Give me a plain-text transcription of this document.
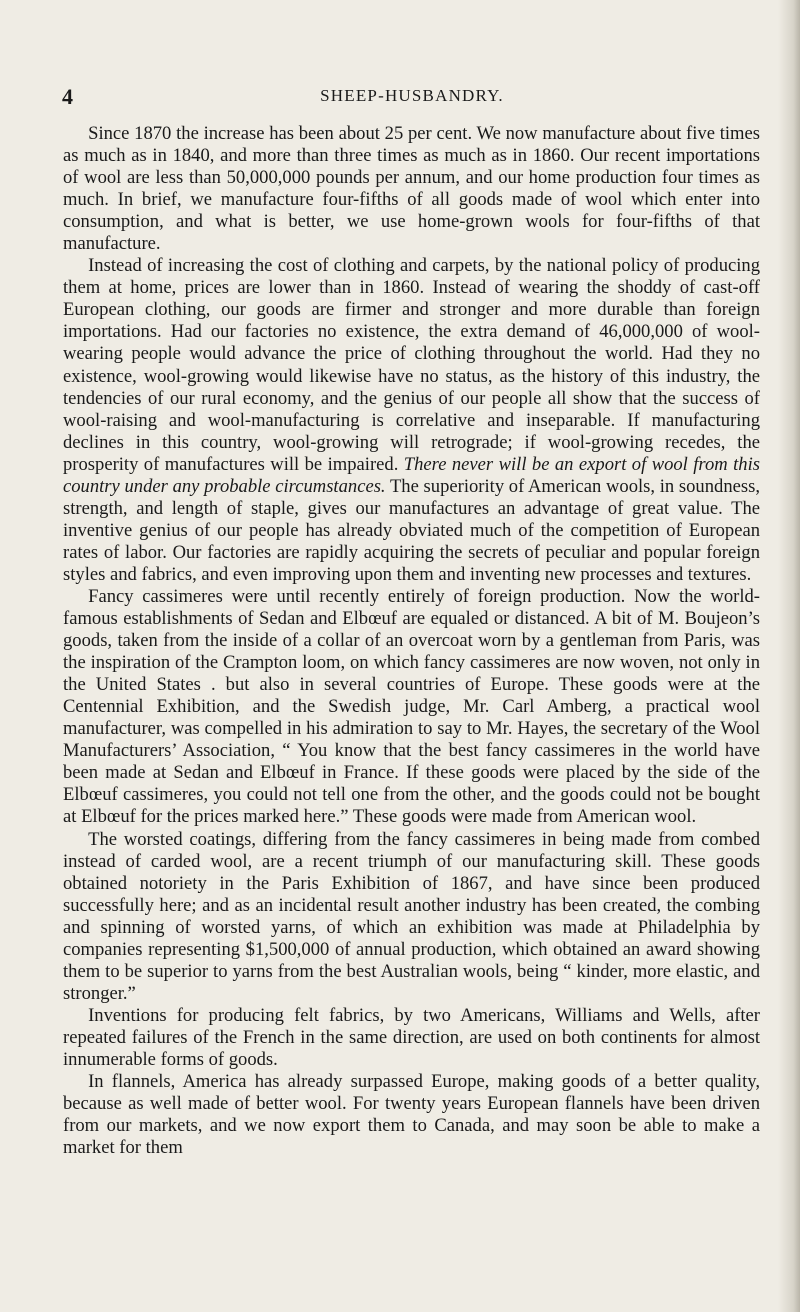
4	SHEEP-HUSBANDRY.

Since 1870 the increase has been about 25 per cent. We now manufacture about five times as much as in 1840, and more than three times as much as in 1860. Our recent importations of wool are less than 50,000,000 pounds per annum, and our home production four times as much. In brief, we manufacture four-fifths of all goods made of wool which enter into consumption, and what is better, we use home-grown wools for four-fifths of that manufacture.

Instead of increasing the cost of clothing and carpets, by the national policy of producing them at home, prices are lower than in 1860. Instead of wearing the shoddy of cast-off European clothing, our goods are firmer and stronger and more durable than foreign importations. Had our factories no existence, the extra demand of 46,000,000 of wool-wearing people would advance the price of clothing throughout the world. Had they no existence, wool-growing would likewise have no status, as the history of this industry, the tendencies of our rural economy, and the genius of our people all show that the success of wool-raising and wool-manufacturing is correlative and inseparable. If manufacturing declines in this country, wool-growing will retrograde; if wool-growing recedes, the prosperity of manufactures will be impaired. There never will be an export of wool from this country under any probable circumstances. The superiority of American wools, in soundness, strength, and length of staple, gives our manufactures an advantage of great value. The inventive genius of our people has already obviated much of the competition of European rates of labor. Our factories are rapidly acquiring the secrets of peculiar and popular foreign styles and fabrics, and even improving upon them and inventing new processes and textures.

Fancy cassimeres were until recently entirely of foreign production. Now the world-famous establishments of Sedan and Elbœuf are equaled or distanced. A bit of M. Boujeon’s goods, taken from the inside of a collar of an overcoat worn by a gentleman from Paris, was the inspiration of the Crampton loom, on which fancy cassimeres are now woven, not only in the United States . but also in several countries of Europe. These goods were at the Centennial Exhibition, and the Swedish judge, Mr. Carl Amberg, a practical wool manufacturer, was compelled in his admiration to say to Mr. Hayes, the secretary of the Wool Manufacturers’ Association, “ You know that the best fancy cassimeres in the world have been made at Sedan and Elbœuf in France. If these goods were placed by the side of the Elbœuf cassimeres, you could not tell one from the other, and the goods could not be bought at Elbœuf for the prices marked here.” These goods were made from American wool.

The worsted coatings, differing from the fancy cassimeres in being made from combed instead of carded wool, are a recent triumph of our manufacturing skill. These goods obtained notoriety in the Paris Exhibition of 1867, and have since been produced successfully here; and as an incidental result another industry has been created, the combing and spinning of worsted yarns, of which an exhibition was made at Philadelphia by companies representing $1,500,000 of annual production, which obtained an award showing them to be superior to yarns from the best Australian wools, being “ kinder, more elastic, and stronger.”

Inventions for producing felt fabrics, by two Americans, Williams and Wells, after repeated failures of the French in the same direction, are used on both continents for almost innumerable forms of goods.

In flannels, America has already surpassed Europe, making goods of a better quality, because as well made of better wool. For twenty years European flannels have been driven from our markets, and we now export them to Canada, and may soon be able to make a market for them
